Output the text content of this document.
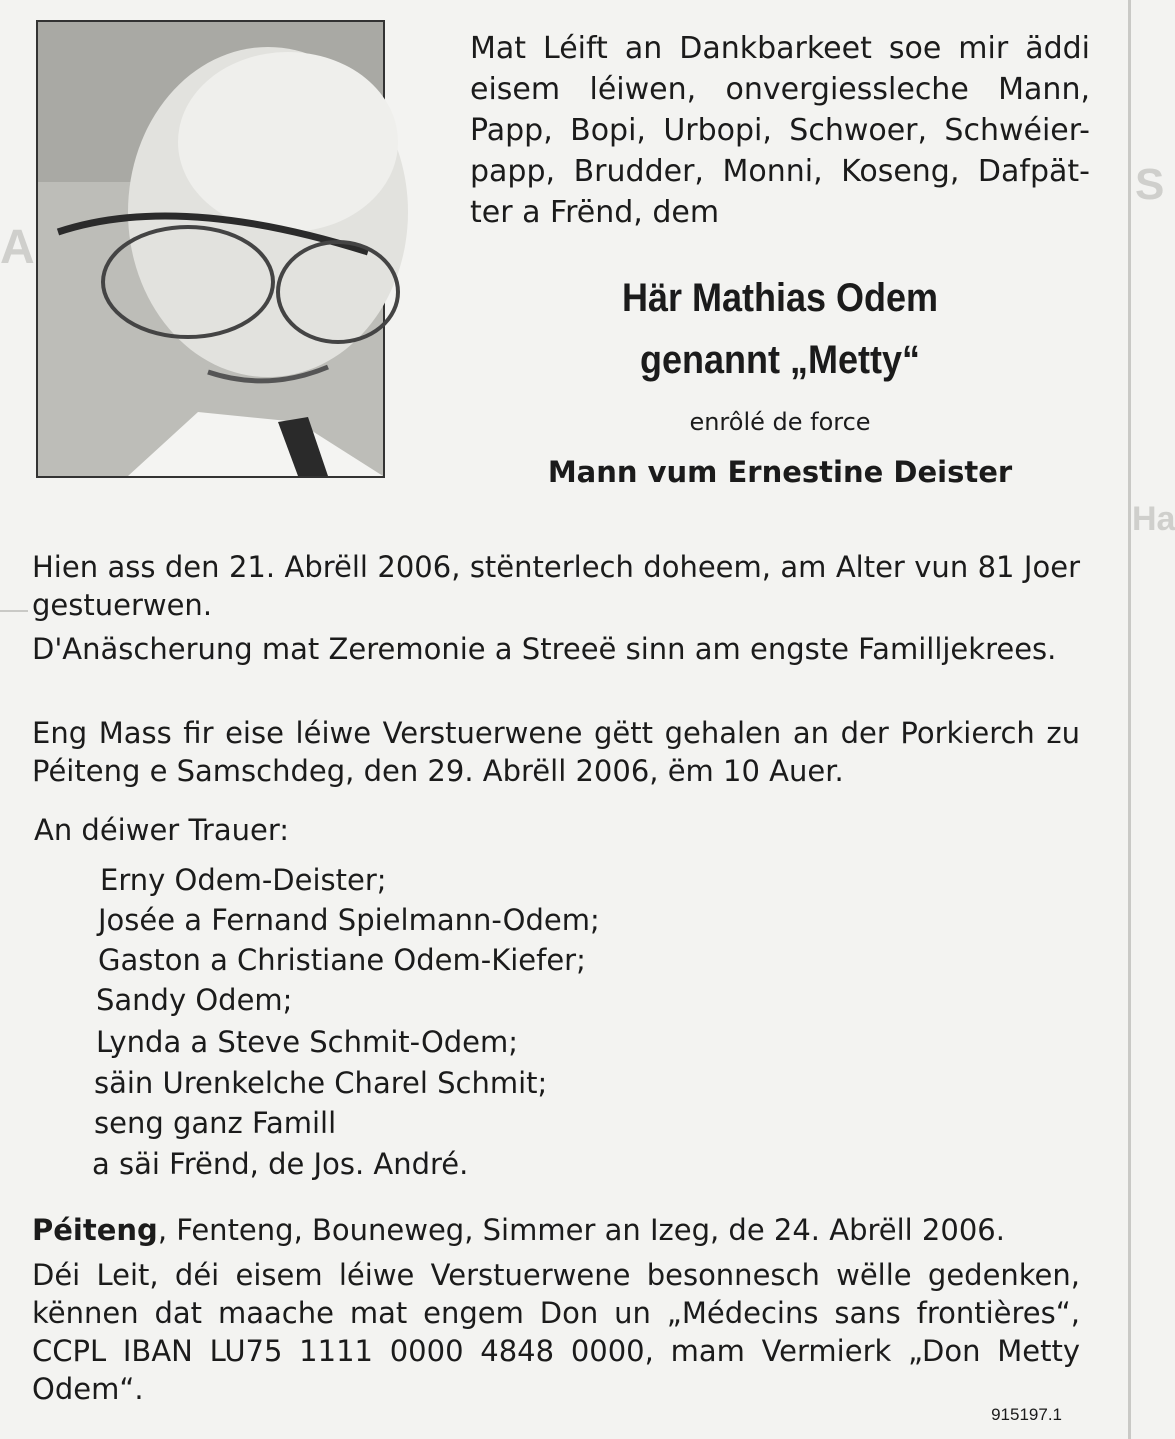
S
Ha
A

Mat Léift an Dankbarkeet soe mir äddi eisem léiwen, onvergiessleche Mann, Papp, Bopi, Urbopi, Schwoer, Schwéier-papp, Brudder, Monni, Koseng, Dafpät-ter a Frënd, dem

Här Mathias Odem

genannt „Metty“

enrôlé de force

Mann vum Ernestine Deister

Hien ass den 21. Abrëll 2006, stënterlech doheem, am Alter vun 81 Joer gestuerwen.

D'Anäscherung mat Zeremonie a Streeë sinn am engste Familljekrees.

Eng Mass fir eise léiwe Verstuerwene gëtt gehalen an der Porkierch zu Péiteng e Samschdeg, den 29. Abrëll 2006, ëm 10 Auer.

An déiwer Trauer:

Erny Odem-Deister;

Josée a Fernand Spielmann-Odem;

Gaston a Christiane Odem-Kiefer;

Sandy Odem;

Lynda a Steve Schmit-Odem;

säin Urenkelche Charel Schmit;

seng ganz Famill

a säi Frënd, de Jos. André.

Péiteng, Fenteng, Bouneweg, Simmer an Izeg, de 24. Abrëll 2006.

Déi Leit, déi eisem léiwe Verstuerwene besonnesch wëlle gedenken, kënnen dat maache mat engem Don un „Médecins sans frontières“, CCPL IBAN LU75 1111 0000 4848 0000, mam Vermierk „Don Metty Odem“.

915197.1
